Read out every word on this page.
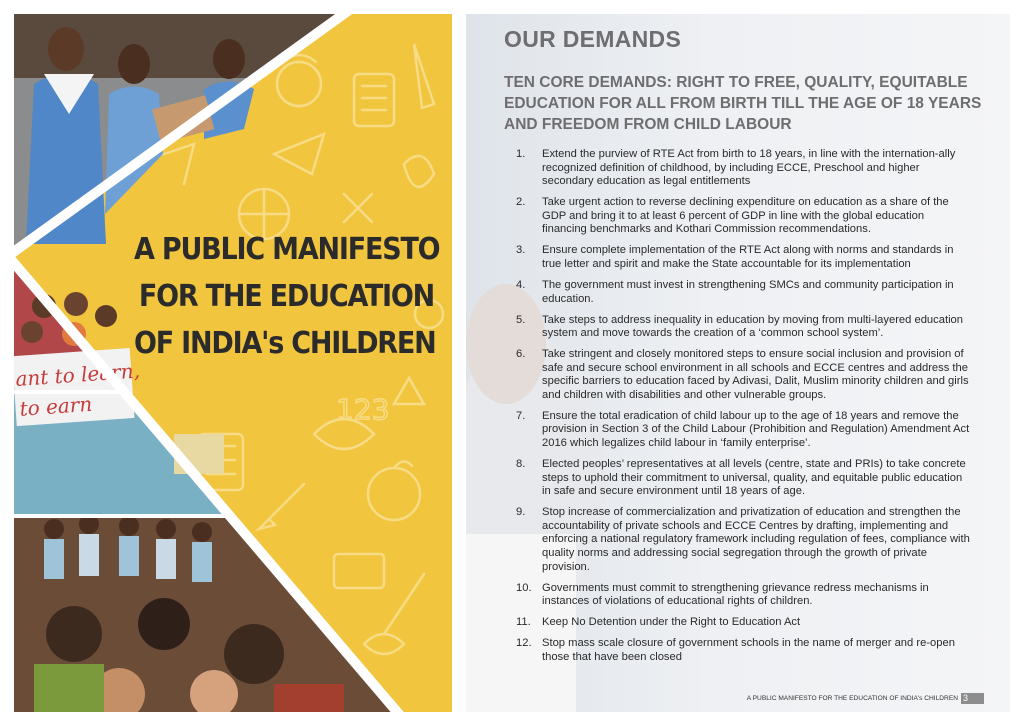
123
ant to learn,
to earn
A PUBLIC MANIFESTO
FOR THE EDUCATION
OF INDIA's CHILDREN
OUR DEMANDS
TEN CORE DEMANDS: RIGHT TO FREE, QUALITY, EQUITABLE EDUCATION FOR ALL FROM BIRTH TILL THE AGE OF 18 YEARS AND FREEDOM FROM CHILD LABOUR
1.	Extend the purview of RTE Act from birth to 18 years, in line with the internation-ally recognized definition of childhood, by including ECCE, Preschool and higher secondary education as legal entitlements
2.	Take urgent action to reverse declining expenditure on education as a share of the GDP and bring it to at least 6 percent of GDP in line with the global education financing benchmarks and Kothari Commission recommendations.
3.	Ensure complete implementation of the RTE Act along with norms and standards in true letter and spirit and make the State accountable for its implementation
4.	The government must invest in strengthening SMCs and community participation in education.
5.	Take steps to address inequality in education by moving from multi-layered education system and move towards the creation of a ‘common school system’.
6.	Take stringent and closely monitored steps to ensure social inclusion and provision of safe and secure school environment in all schools and ECCE centres and address the specific barriers to education faced by Adivasi, Dalit, Muslim minority children and girls and children with disabilities and other vulnerable groups.
7.	Ensure the total eradication of child labour up to the age of 18 years and remove the provision in Section 3 of the Child Labour (Prohibition and Regulation) Amendment Act 2016 which legalizes child labour in ‘family enterprise’.
8.	Elected peoples’ representatives at all levels (centre, state and PRIs) to take concrete steps to uphold their commitment to universal, quality, and equitable public education in safe and secure environment until 18 years of age.
9.	Stop increase of commercialization and privatization of education and strengthen the accountability of private schools and ECCE Centres by drafting, implementing and enforcing a national regulatory framework including regulation of fees, compliance with quality norms and addressing social segregation through the growth of private provision.
10. Governments must commit to strengthening grievance redress mechanisms in instances of violations of educational rights of children.
11.	Keep No Detention under the Right to Education Act
12. Stop mass scale closure of government schools in the name of merger and re-open those that have been closed
A PUBLIC MANIFESTO FOR THE EDUCATION OF INDIA's CHILDREN 3
